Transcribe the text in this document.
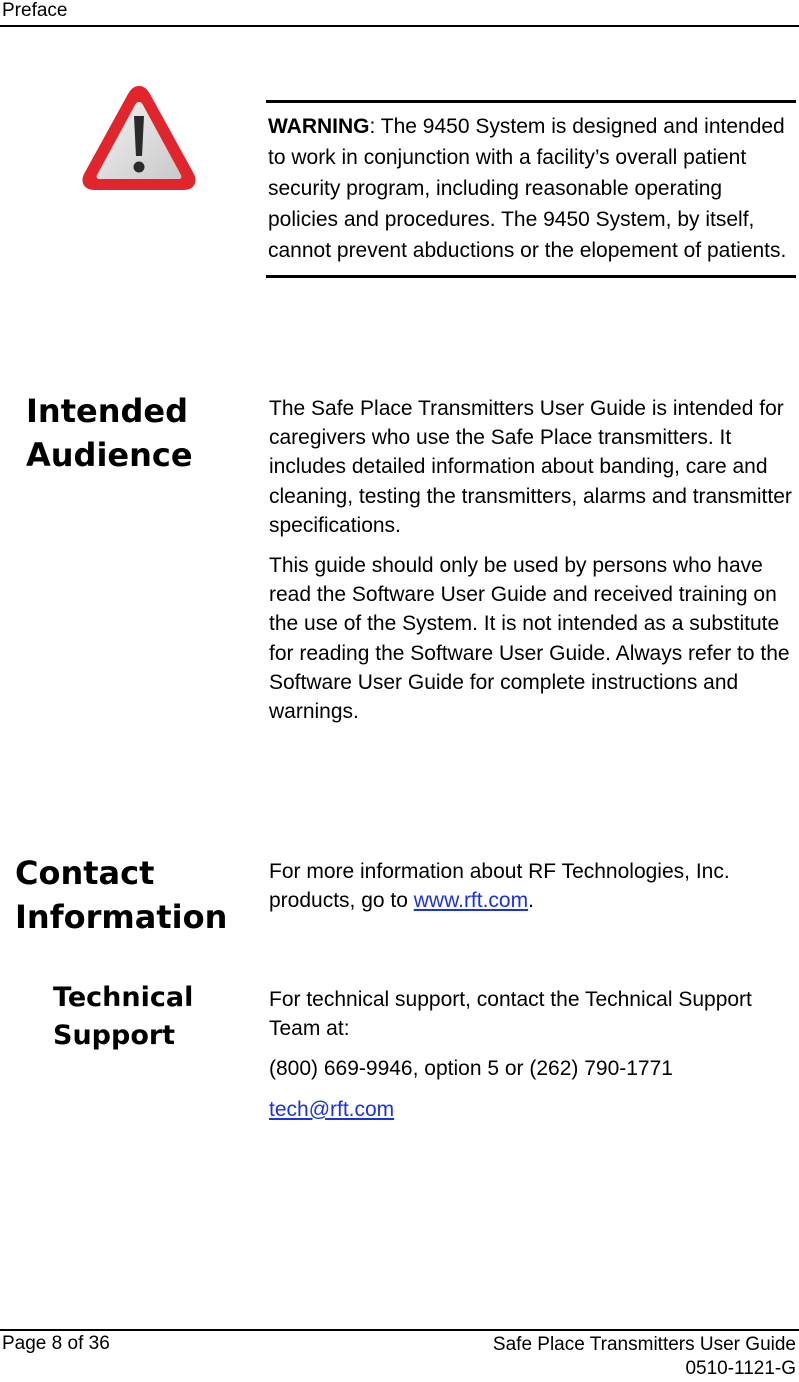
Preface
WARNING: The 9450 System is designed and intended to work in conjunction with a facility’s overall patient security program, including reasonable operating policies and procedures. The 9450 System, by itself, cannot prevent abductions or the elopement of patients.
Intended
Audience

The Safe Place Transmitters User Guide is intended for caregivers who use the Safe Place transmitters. It includes detailed information about banding, care and cleaning, testing the transmitters, alarms and transmitter specifications.

This guide should only be used by persons who have read the Software User Guide and received training on the use of the System. It is not intended as a substitute for reading the Software User Guide. Always refer to the Software User Guide for complete instructions and warnings.

Contact
Information

For more information about RF Technologies, Inc. products, go to www.rft.com.

Technical
Support

For technical support, contact the Technical Support Team at:

(800) 669-9946, option 5 or (262) 790-1771

tech@rft.com

Page 8 of 36	Safe Place Transmitters User Guide
0510-1121-G
